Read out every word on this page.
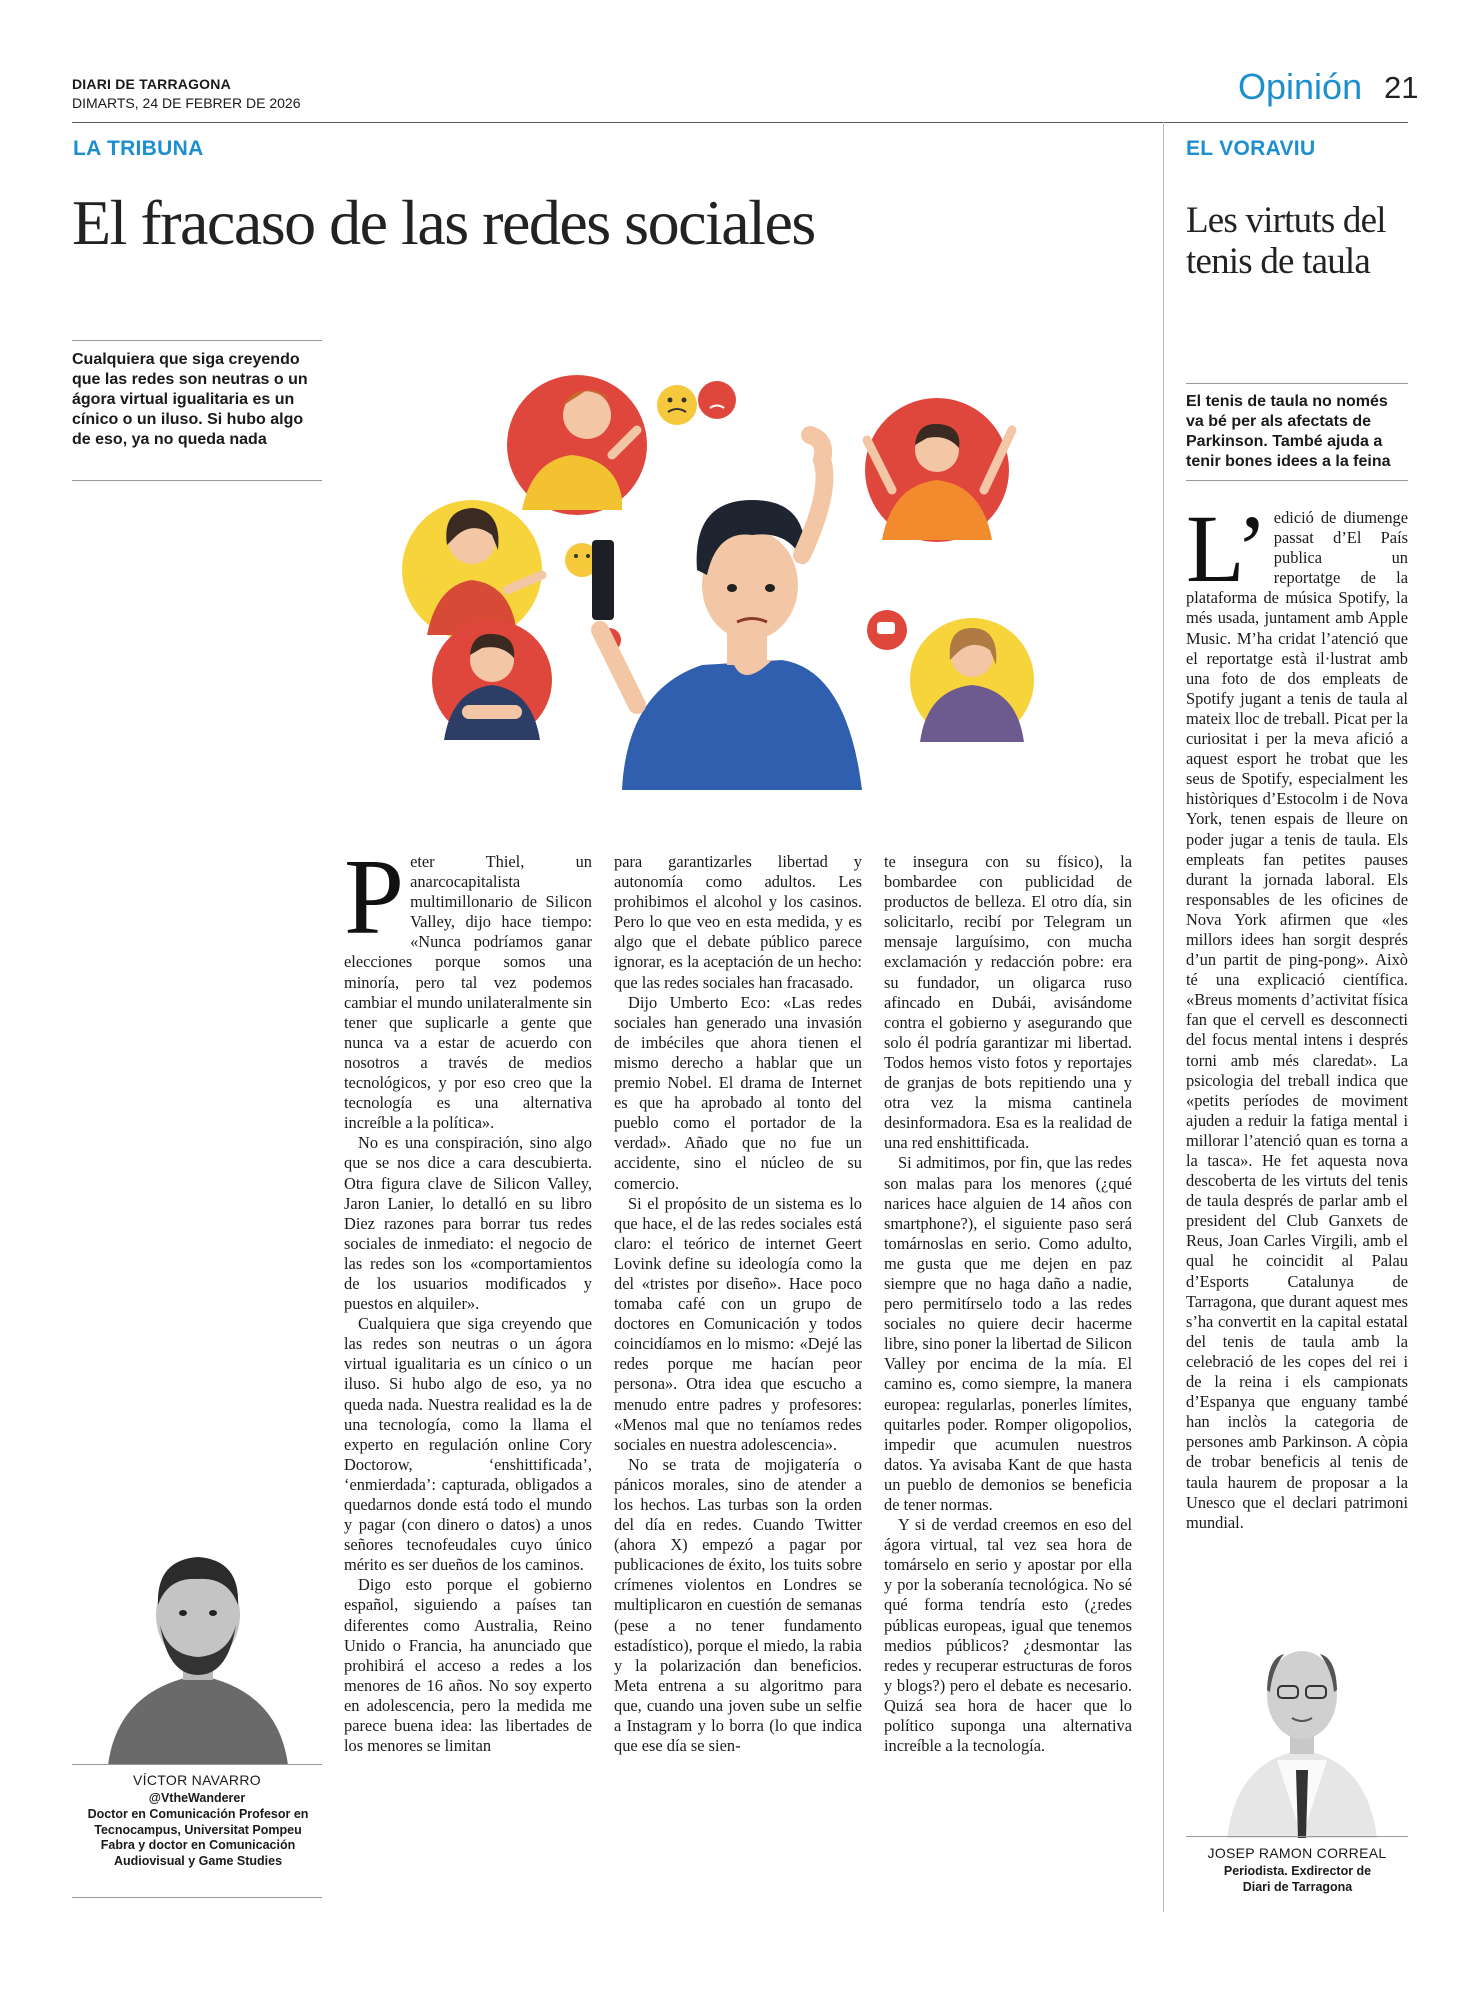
DIARI DE TARRAGONA
DIMARTS, 24 DE FEBRER DE 2026	Opinión 21
LA TRIBUNA
El fracaso de las redes sociales
Cualquiera que siga creyendo que las redes son neutras o un ágora virtual igualitaria es un cínico o un iluso. Si hubo algo de eso, ya no queda nada

Peter Thiel, un anarcocapitalista multimillonario de Silicon Valley, dijo hace tiempo: «Nunca podríamos ganar elecciones porque somos una minoría, pero tal vez podemos cambiar el mundo unilateralmente sin tener que suplicarle a gente que nunca va a estar de acuerdo con nosotros a través de medios tecnológicos, y por eso creo que la tecnología es una alternativa increíble a la política».

No es una conspiración, sino algo que se nos dice a cara descubierta. Otra figura clave de Silicon Valley, Jaron Lanier, lo detalló en su libro Diez razones para borrar tus redes sociales de inmediato: el negocio de las redes son los «comportamientos de los usuarios modificados y puestos en alquiler».

Cualquiera que siga creyendo que las redes son neutras o un ágora virtual igualitaria es un cínico o un iluso. Si hubo algo de eso, ya no queda nada. Nuestra realidad es la de una tecnología, como la llama el experto en regulación online Cory Doctorow, ‘enshittificada’, ‘enmierdada’: capturada, obligados a quedarnos donde está todo el mundo y pagar (con dinero o datos) a unos señores tecnofeudales cuyo único mérito es ser dueños de los caminos.

Digo esto porque el gobierno español, siguiendo a países tan diferentes como Australia, Reino Unido o Francia, ha anunciado que prohibirá el acceso a redes a los menores de 16 años. No soy experto en adolescencia, pero la medida me parece buena idea: las libertades de los menores se limitan

para garantizarles libertad y autonomía como adultos. Les prohibimos el alcohol y los casinos. Pero lo que veo en esta medida, y es algo que el debate público parece ignorar, es la aceptación de un hecho: que las redes sociales han fracasado.

Dijo Umberto Eco: «Las redes sociales han generado una invasión de imbéciles que ahora tienen el mismo derecho a hablar que un premio Nobel. El drama de Internet es que ha aprobado al tonto del pueblo como el portador de la verdad». Añado que no fue un accidente, sino el núcleo de su comercio.

Si el propósito de un sistema es lo que hace, el de las redes sociales está claro: el teórico de internet Geert Lovink define su ideología como la del «tristes por diseño». Hace poco tomaba café con un grupo de doctores en Comunicación y todos coincidíamos en lo mismo: «Dejé las redes porque me hacían peor persona». Otra idea que escucho a menudo entre padres y profesores: «Menos mal que no teníamos redes sociales en nuestra adolescencia».

No se trata de mojigatería o pánicos morales, sino de atender a los hechos. Las turbas son la orden del día en redes. Cuando Twitter (ahora X) empezó a pagar por publicaciones de éxito, los tuits sobre crímenes violentos en Londres se multiplicaron en cuestión de semanas (pese a no tener fundamento estadístico), porque el miedo, la rabia y la polarización dan beneficios. Meta entrena a su algoritmo para que, cuando una joven sube un selfie a Instagram y lo borra (lo que indica que ese día se sien-

te insegura con su físico), la bombardee con publicidad de productos de belleza. El otro día, sin solicitarlo, recibí por Telegram un mensaje larguísimo, con mucha exclamación y redacción pobre: era su fundador, un oligarca ruso afincado en Dubái, avisándome contra el gobierno y asegurando que solo él podría garantizar mi libertad. Todos hemos visto fotos y reportajes de granjas de bots repitiendo una y otra vez la misma cantinela desinformadora. Esa es la realidad de una red enshittificada.

Si admitimos, por fin, que las redes son malas para los menores (¿qué narices hace alguien de 14 años con smartphone?), el siguiente paso será tomárnoslas en serio. Como adulto, me gusta que me dejen en paz siempre que no haga daño a nadie, pero permitírselo todo a las redes sociales no quiere decir hacerme libre, sino poner la libertad de Silicon Valley por encima de la mía. El camino es, como siempre, la manera europea: regularlas, ponerles límites, quitarles poder. Romper oligopolios, impedir que acumulen nuestros datos. Ya avisaba Kant de que hasta un pueblo de demonios se beneficia de tener normas.

Y si de verdad creemos en eso del ágora virtual, tal vez sea hora de tomárselo en serio y apostar por ella y por la soberanía tecnológica. No sé qué forma tendría esto (¿redes públicas europeas, igual que tenemos medios públicos? ¿desmontar las redes y recuperar estructuras de foros y blogs?) pero el debate es necesario. Quizá sea hora de hacer que lo político suponga una alternativa increíble a la tecnología.

VÍCTOR NAVARRO
@VtheWanderer
Doctor en Comunicación Profesor en Tecnocampus, Universitat Pompeu Fabra y doctor en Comunicación Audiovisual y Game Studies
EL VORAVIU
Les virtuts del tenis de taula
El tenis de taula no només va bé per als afectats de Parkinson. També ajuda a tenir bones idees a la feina

L’ edició de diumenge passat d’El País publica un reportatge de la plataforma de música Spotify, la més usada, juntament amb Apple Music. M’ha cridat l’atenció que el reportatge està il·lustrat amb una foto de dos empleats de Spotify jugant a tenis de taula al mateix lloc de treball. Picat per la curiositat i per la meva afició a aquest esport he trobat que les seus de Spotify, especialment les històriques d’Estocolm i de Nova York, tenen espais de lleure on poder jugar a tenis de taula. Els empleats fan petites pauses durant la jornada laboral. Els responsables de les oficines de Nova York afirmen que «les millors idees han sorgit després d’un partit de ping-pong». Això té una explicació científica. «Breus moments d’activitat física fan que el cervell es desconnecti del focus mental intens i després torni amb més claredat». La psicologia del treball indica que «petits períodes de moviment ajuden a reduir la fatiga mental i millorar l’atenció quan es torna a la tasca». He fet aquesta nova descoberta de les virtuts del tenis de taula després de parlar amb el president del Club Ganxets de Reus, Joan Carles Virgili, amb el qual he coincidit al Palau d’Esports Catalunya de Tarragona, que durant aquest mes s’ha convertit en la capital estatal del tenis de taula amb la celebració de les copes del rei i de la reina i els campionats d’Espanya que enguany també han inclòs la categoria de persones amb Parkinson. A còpia de trobar beneficis al tenis de taula haurem de proposar a la Unesco que el declari patrimoni mundial.

JOSEP RAMON CORREAL
Periodista. Exdirector de Diari de Tarragona
